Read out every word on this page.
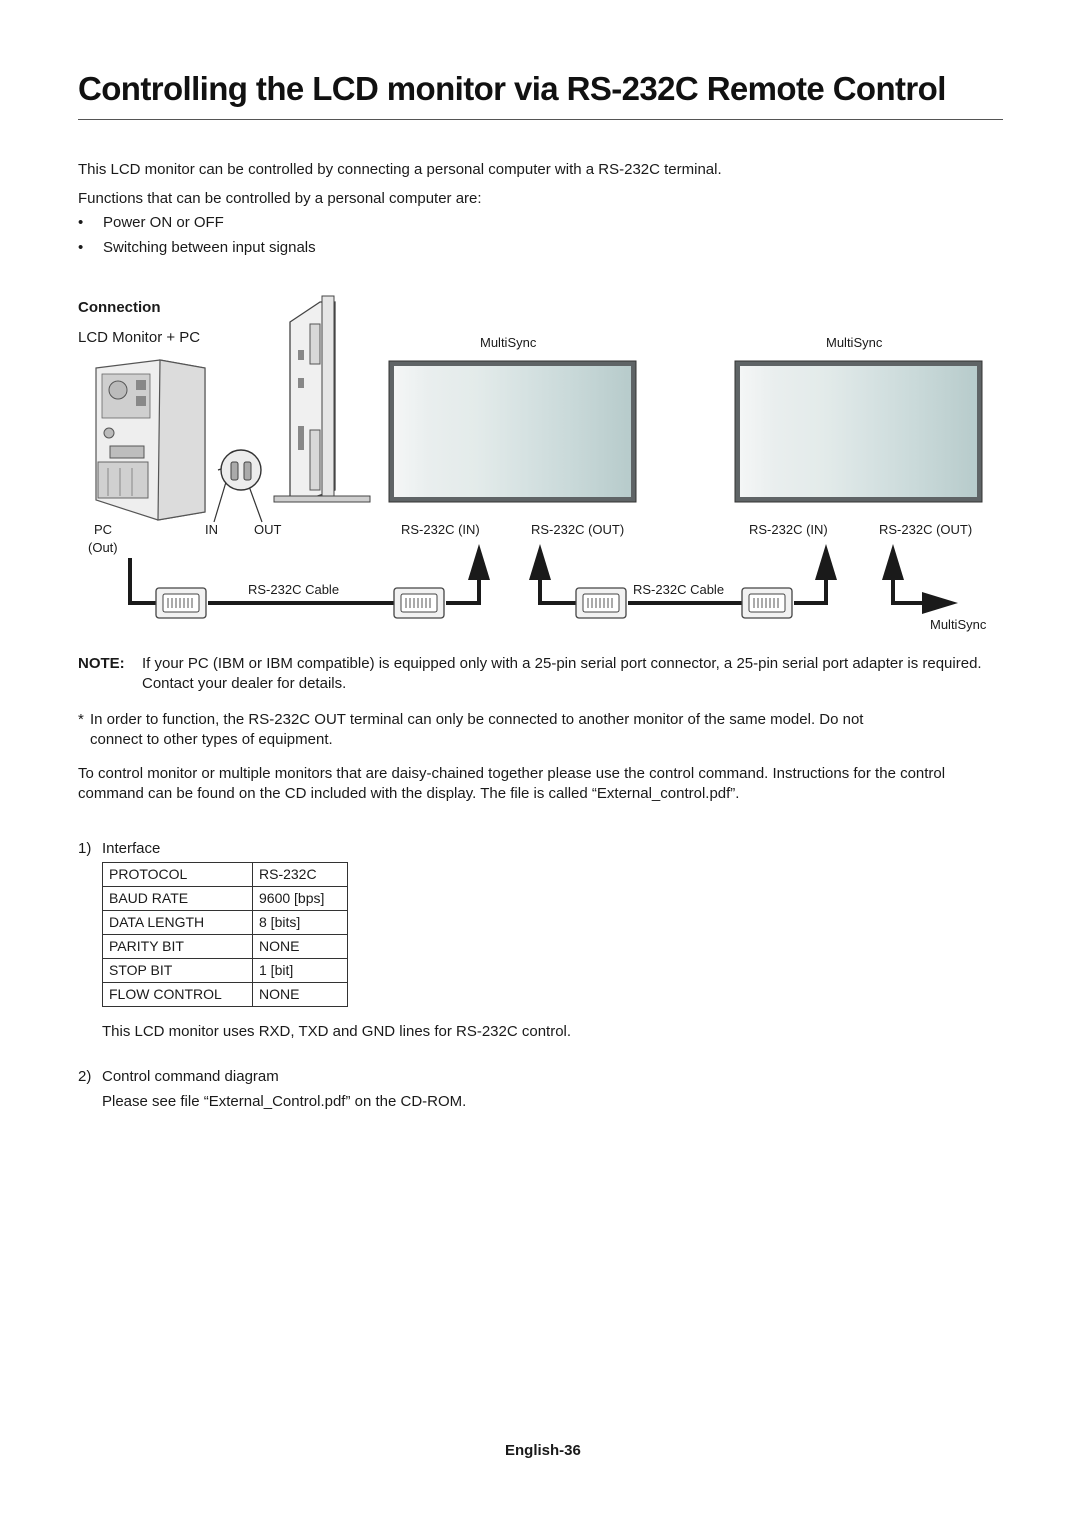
Controlling the LCD monitor via RS-232C Remote Control
This LCD monitor can be controlled by connecting a personal computer with a RS-232C terminal.
Functions that can be controlled by a personal computer are:
• Power ON or OFF
• Switching between input signals
Connection
LCD Monitor + PC	MultiSync	MultiSync
PC
(Out)
IN	OUT	RS-232C (IN)	RS-232C (OUT)	RS-232C (IN)	RS-232C (OUT)
RS-232C Cable	RS-232C Cable
MultiSync
NOTE: If your PC (IBM or IBM compatible) is equipped only with a 25-pin serial port connector, a 25-pin serial port adapter is required. Contact your dealer for details.
* In order to function, the RS-232C OUT terminal can only be connected to another monitor of the same model. Do not connect to other types of equipment.
To control monitor or multiple monitors that are daisy-chained together please use the control command. Instructions for the control command can be found on the CD included with the display. The file is called “External_control.pdf”.
1) Interface
PROTOCOL	RS-232C
BAUD RATE	9600 [bps]
DATA LENGTH	8 [bits]
PARITY BIT	NONE
STOP BIT	1 [bit]
FLOW CONTROL	NONE
This LCD monitor uses RXD, TXD and GND lines for RS-232C control.
2) Control command diagram
Please see file “External_Control.pdf” on the CD-ROM.
English-36
